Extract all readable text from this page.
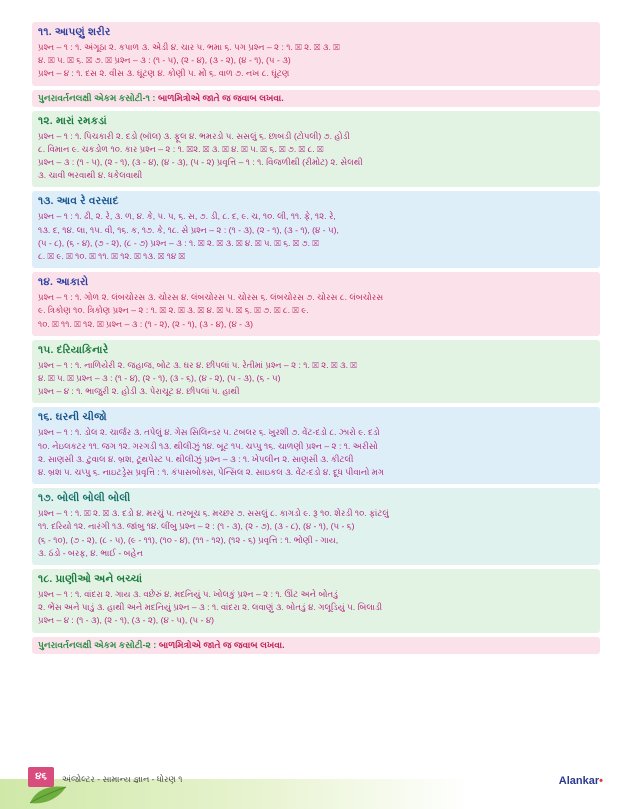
૧૧. આપણું શરીર
પ્રશ્ન – ૧ : ૧. અંગૂઠા ૨. કપાળ ૩. એડી ૪. ચાર ૫. ભમા ૬. પગ પ્રશ્ન – ૨ : ૧. ☒ ૨. ☒ ૩. ☒
૪. ☒ ૫. ☒ ૬. ☒ ૭. ☒ પ્રશ્ન – ૩ : (૧ - ૫), (૨ - ૪), (૩ - ૨), (૪ - ૧), (૫ - ૩)
પ્રશ્ન – ૪ : ૧. દસ ૨. વીસ ૩. ઘૂંટણ ૪. કોણી ૫. મોં ૬. વાળ ૭. નખ ૮. ઘૂંટણ
પુનરાવર્તનલક્ષી એકમ કસોટી-૧ : બાળમિત્રોએ જાતે જ જવાબ લખવા.
૧૨. મારાં રમકડાં
પ્રશ્ન – ૧ : ૧. પિચકારી ૨. દડો (બૉલ) ૩. ફૂલ ૪. ભમરડો ૫. સસલું ૬. છાબડી (ટોપલી) ૭. હોડી
૮. વિમાન ૯. ચકડોળ ૧૦. કાર પ્રશ્ન – ૨ : ૧. ☒૨. ☒ ૩. ☒ ૪. ☒ ૫. ☒ ૬. ☒ ૭. ☒ ૮. ☒
પ્રશ્ન – ૩ : (૧ - ૫), (૨ - ૧), (૩ - ૪), (૪ - ૩), (૫ - ૨) પ્રવૃત્તિ – ૧ : ૧. વિજળીથી (રીમોટ) ૨. સેલથી
૩. ચાવી ભરવાથી ૪. ધકેલવાથી
૧૩. આવ રે વરસાદ
પ્રશ્ન – ૧ : ૧. ઢી, ૨. રે, ૩. ળ, ૪. કે, ૫. પ, ૬. સ, ૭. ડી, ૮. દ, ૯. ચ, ૧૦. લી, ૧૧. ફે, ૧૨. રે,
૧૩. દ, ૧૪. લા, ૧૫. વી, ૧૬. ક, ૧૭. કે, ૧૮. સે પ્રશ્ન – ૨ : (૧ - ૩), (૨ - ૧), (૩ - ૧), (૪ - ૫),
(૫ - ૮), (૬ - ૪), (૭ - ૨), (૮ - ૭) પ્રશ્ન – ૩ : ૧. ☒ ૨. ☒ ૩. ☒ ૪. ☒ ૫. ☒ ૬. ☒ ૭. ☒
૮. ☒ ૯. ☒ ૧૦. ☒ ૧૧. ☒ ૧૨. ☒ ૧૩. ☒ ૧૪ ☒
૧૪. આકારો
પ્રશ્ન – ૧ : ૧. ગોળ ૨. લંબચોરસ ૩. ચોરસ ૪. લંબચોરસ ૫. ચોરસ ૬. લંબચોરસ ૭. ચોરસ ૮. લંબચોરસ
૯. ત્રિકોણ ૧૦. ત્રિકોણ પ્રશ્ન – ૨ : ૧. ☒ ૨. ☒ ૩. ☒ ૪. ☒ ૫. ☒ ૬. ☒ ૭. ☒ ૮. ☒ ૯.
૧૦. ☒ ૧૧. ☒ ૧૨. ☒ પ્રશ્ન – ૩ : (૧ - ૨), (૨ - ૧), (૩ - ૪), (૪ - ૩)
૧૫. દરિયાકિનારે
પ્રશ્ન – ૧ : ૧. નાળિયેરી ૨. જહાજ, બોટ ૩. ઘર ૪. છીપલાં ૫. રેતીમાં પ્રશ્ન – ૨ : ૧. ☒ ૨. ☒ ૩. ☒
૪. ☒ ૫. ☒ પ્રશ્ન – ૩ : (૧ - ૪), (૨ - ૧), (૩ - ૬), (૪ - ૨), (૫ - ૩), (૬ - ૫)
પ્રશ્ન – ૪ : ૧. ભાજુરી ૨. હોડી ૩. પેરાચૂટ ૪. છીપલાં ૫. હાથી
૧૬. ઘરની ચીજો
પ્રશ્ન – ૧ : ૧. ડોલ ૨. ચાર્જર ૩. તપેલું ૪. ગેસ સિલિન્ડર ૫. ટબલર ૬. ખુરશી ૭. વેંટ-દડો ૮. ઝારો ૯. દડો
૧૦. નેઇલકટર ૧૧. જગ ૧૨. ગરગડી ૧૩. થીલીઝું ૧૪. બૂટ ૧૫. ચપ્પુ ૧૬. ચાળણી પ્રશ્ન – ૨ : ૧. અરીસો
૨. સાણસી ૩. ટુવાલ ૪. બ્રશ, ટૂથપેસ્ટ ૫. થીલીઝું પ્રશ્ન – ૩ : ૧. ખેપલીન ૨. સાણસી ૩. કીટલી
૪. બ્રશ ૫. ચપ્પુ ૬. નાઇટડ્રેસ પ્રવૃત્તિ : ૧. કંપાસબોક્સ, પેન્સિલ ૨. સાઇકલ ૩. વેંટ-દડો ૪. દૂધ પીવાનો મગ
૧૭. બોલી બોલી બોલી
પ્રશ્ન – ૧ : ૧. ☒ ૨. ☒ ૩. દડો ૪. મરચું ૫. તરબૂચ ૬. મચ્છર ૭. સસલું ૮. કાગડો ૯. રૂ ૧૦. શેરડી ૧૦. ફાંટલું
૧૧. દરિયો ૧૨. નારંગી ૧૩. જાંબુ ૧૪. લીંબુ પ્રશ્ન – ૨ : (૧ - ૩), (૨ - ૭), (૩ - ૮), (૪ - ૧), (૫ - ૬)
(૬ - ૧૦), (૭ - ૨), (૮ - ૫), (૯ - ૧૧), (૧૦ - ૪), (૧૧ - ૧૨), (૧૨ - ૬) પ્રવૃત્તિ : ૧. ભોંણી - ગાય,
૩. ઠંડો - બરફ, ૪. ભાઈ - બહેન
૧૮. પ્રાણીઓ અને બચ્ચાં
પ્રશ્ન – ૧ : ૧. વાંદરા ૨. ગાય ૩. વછેરું ૪. મદનિયું ૫. ખોલકું પ્રશ્ન – ૨ : ૧. ઊંટ અને બોતડું
૨. ભેંસ અને પાડું ૩. હાથી અને મદનિયું પ્રશ્ન – ૩ : ૧. વાંદરા ૨. લવાણું ૩. બોતડું ૪. ગલૂડિયું ૫. બિલાડી
પ્રશ્ન – ૪ : (૧ - ૩), (૨ - ૧), (૩ - ૨), (૪ - ૫), (૫ - ૪)
પુનરાવર્તનલક્ષી એકમ કસોટી-૨ : બાળમિત્રોએ જાતે જ જવાબ લખવા.
૪૬	અંજોલ્ટર - સામાન્ય જ્ઞાન - ધોરણ ૧	Alankar•
